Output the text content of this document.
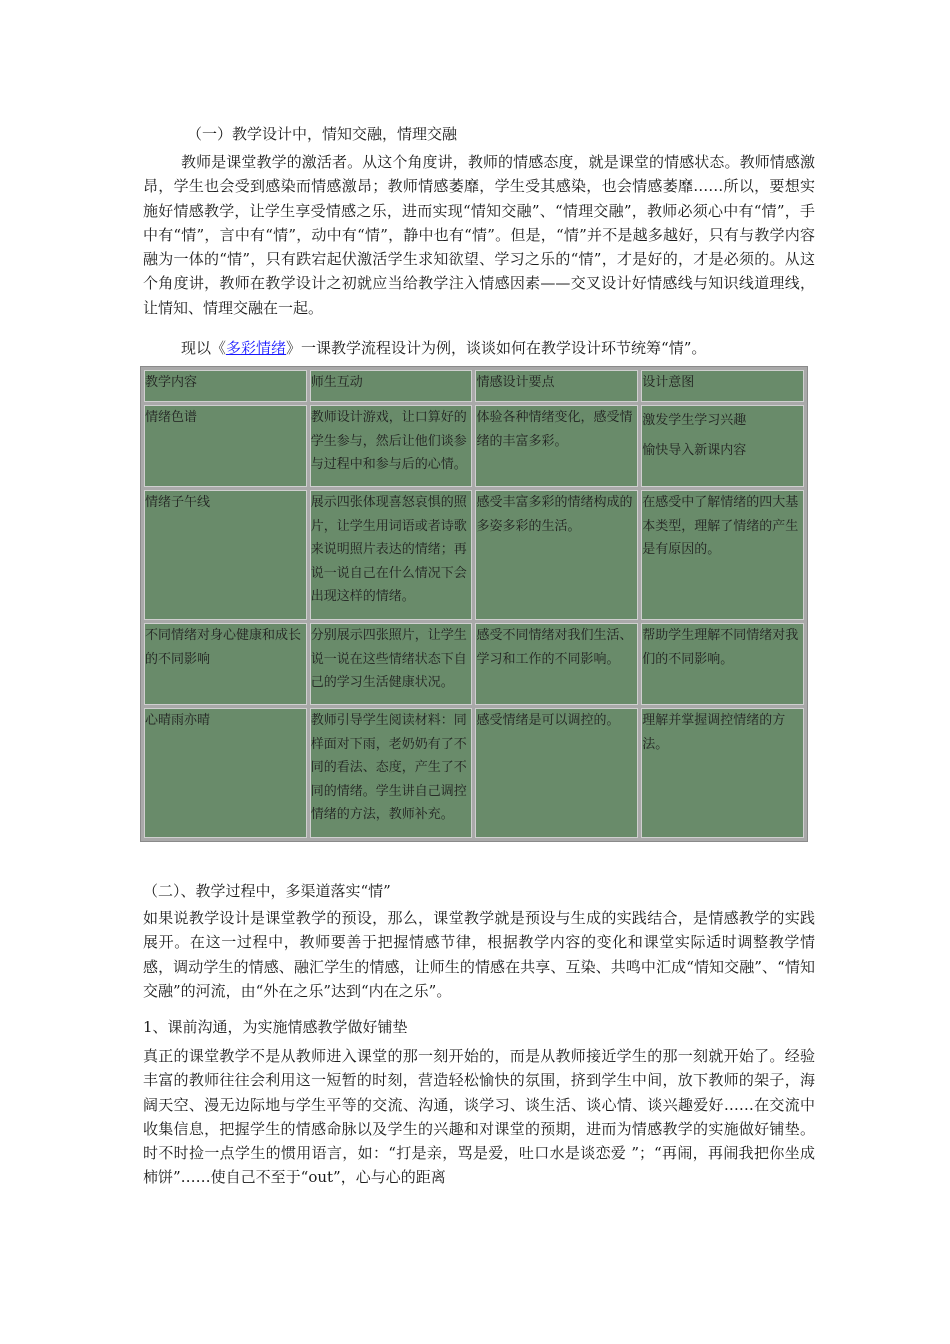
（一）教学设计中，情知交融，情理交融

教师是课堂教学的激活者。从这个角度讲，教师的情感态度，就是课堂的情感状态。教师情感激昂，学生也会受到感染而情感激昂；教师情感萎靡，学生受其感染，也会情感萎靡……所以，要想实施好情感教学，让学生享受情感之乐，进而实现“情知交融”、“情理交融”，教师必须心中有“情”，手中有“情”，言中有“情”，动中有“情”，静中也有“情”。但是，“情”并不是越多越好，只有与教学内容融为一体的“情”，只有跌宕起伏激活学生求知欲望、学习之乐的“情”，才是好的，才是必须的。从这个角度讲，教师在教学设计之初就应当给教学注入情感因素——交叉设计好情感线与知识线道理线，让情知、情理交融在一起。

现以《多彩情绪》一课教学流程设计为例，谈谈如何在教学设计环节统筹“情”。

教学内容	师生互动	情感设计要点	设计意图
情绪色谱	教师设计游戏，让口算好的学生参与，然后让他们谈参与过程中和参与后的心情。	体验各种情绪变化，感受情绪的丰富多彩。	激发学生学习兴趣
愉快导入新课内容
情绪子午线	展示四张体现喜怒哀惧的照片，让学生用词语或者诗歌来说明照片表达的情绪；再说一说自己在什么情况下会出现这样的情绪。	感受丰富多彩的情绪构成的多姿多彩的生活。	在感受中了解情绪的四大基本类型，理解了情绪的产生是有原因的。
不同情绪对身心健康和成长的不同影响	分别展示四张照片，让学生说一说在这些情绪状态下自己的学习生活健康状况。	感受不同情绪对我们生活、学习和工作的不同影响。	帮助学生理解不同情绪对我们的不同影响。
心晴雨亦晴	教师引导学生阅读材料：同样面对下雨，老奶奶有了不同的看法、态度，产生了不同的情绪。学生讲自己调控情绪的方法，教师补充。	感受情绪是可以调控的。	理解并掌握调控情绪的方法。
（二）、教学过程中，多渠道落实“情”

如果说教学设计是课堂教学的预设，那么，课堂教学就是预设与生成的实践结合，是情感教学的实践展开。在这一过程中，教师要善于把握情感节律，根据教学内容的变化和课堂实际适时调整教学情感，调动学生的情感、融汇学生的情感，让师生的情感在共享、互染、共鸣中汇成“情知交融”、“情知交融”的河流，由“外在之乐”达到“内在之乐”。

1、课前沟通，为实施情感教学做好铺垫

真正的课堂教学不是从教师进入课堂的那一刻开始的，而是从教师接近学生的那一刻就开始了。经验丰富的教师往往会利用这一短暂的时刻，营造轻松愉快的氛围，挤到学生中间，放下教师的架子，海阔天空、漫无边际地与学生平等的交流、沟通，谈学习、谈生活、谈心情、谈兴趣爱好……在交流中收集信息，把握学生的情感命脉以及学生的兴趣和对课堂的预期，进而为情感教学的实施做好铺垫。时不时捡一点学生的惯用语言，如：“打是亲，骂是爱，吐口水是谈恋爱 ”；“再闹，再闹我把你坐成柿饼”……使自己不至于“out”，心与心的距离
